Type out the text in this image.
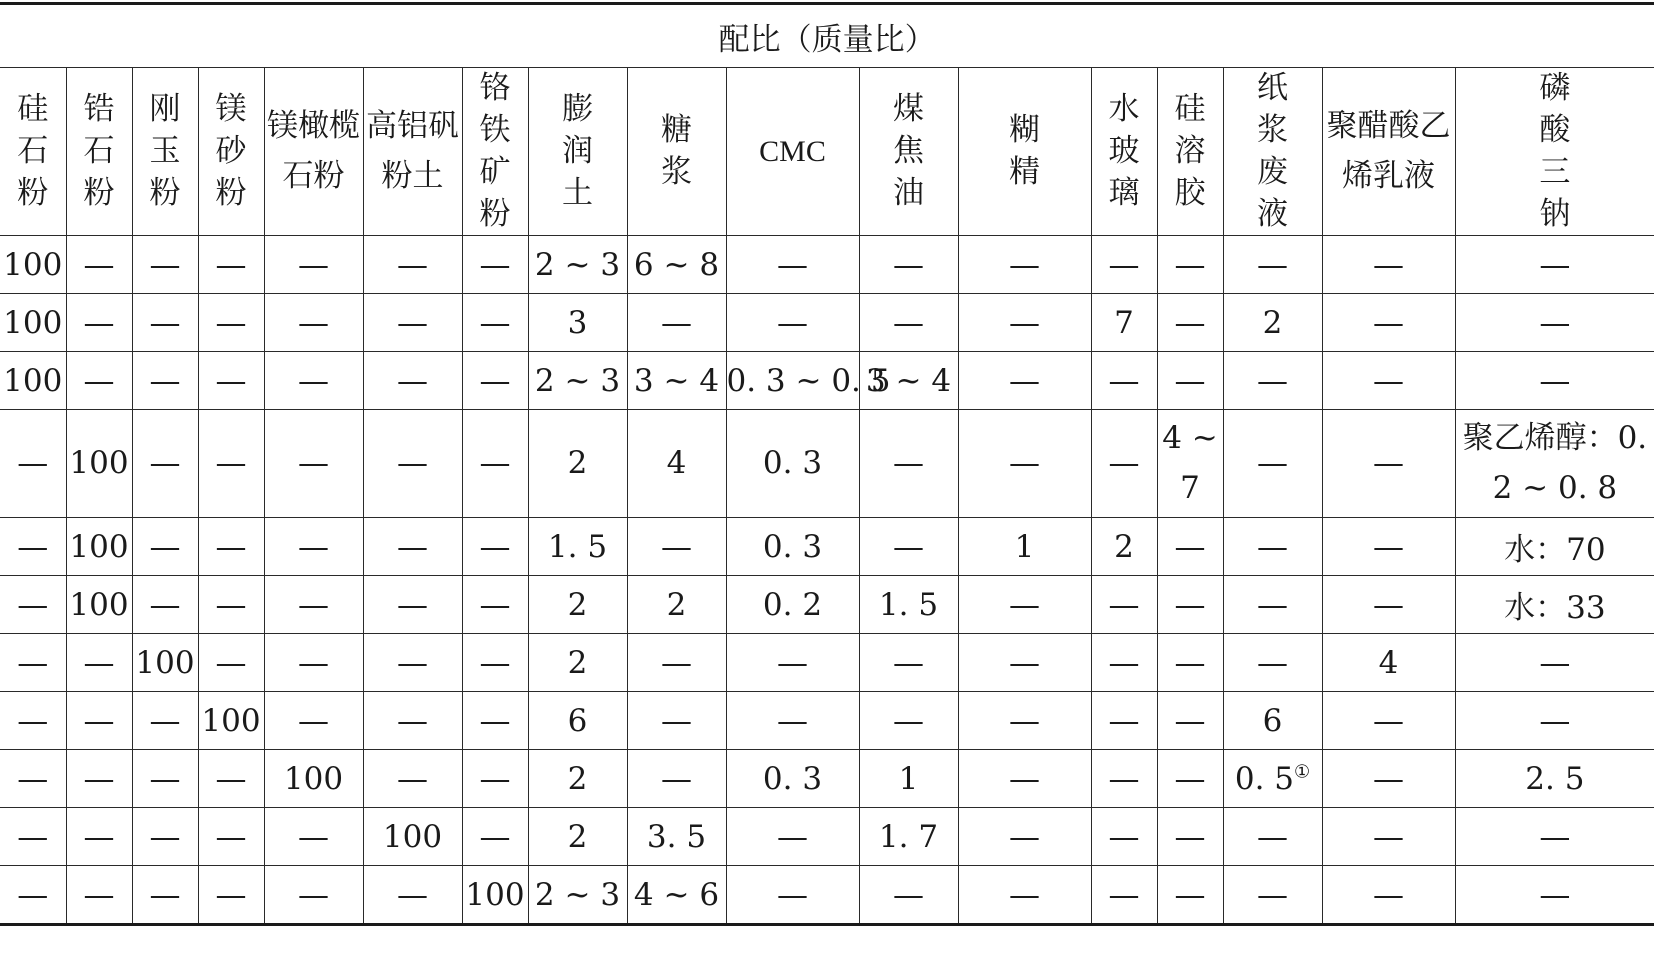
配比（质量比）																
硅石粉	锆石粉	刚玉粉	镁砂粉	镁橄榄石粉	高铝矾粉土	铬铁矿粉	膨润土	糖浆	CMC	煤焦油	糊精	水玻璃	硅溶胶	纸浆废液	聚醋酸乙烯乳液	磷酸三钠
100	—	—	—	—	—	—	2 ~ 3	6 ~ 8	—	—	—	—	—	—	—	—
100	—	—	—	—	—	—	3	—	—	—	—	7	—	2	—	—
100	—	—	—	—	—	—	2 ~ 3	3 ~ 4	0. 3 ~ 0. 5	3 ~ 4	—	—	—	—	—	—
—	100	—	—	—	—	—	2	4	0. 3	—	—	—	4 ~ 7	—	—	聚乙烯醇：0. 2 ~ 0. 8
—	100	—	—	—	—	—	1. 5	—	0. 3	—	1	2	—	—	—	水：70
—	100	—	—	—	—	—	2	2	0. 2	1. 5	—	—	—	—	—	水：33
—	—	100	—	—	—	—	2	—	—	—	—	—	—	—	4	—
—	—	—	100	—	—	—	6	—	—	—	—	—	—	6	—	—
—	—	—	—	100	—	—	2	—	0. 3	1	—	—	—	0. 5①	—	2. 5
—	—	—	—	—	100	—	2	3. 5	—	1. 7	—	—	—	—	—	—
—	—	—	—	—	—	100	2 ~ 3	4 ~ 6	—	—	—	—	—	—	—	—
